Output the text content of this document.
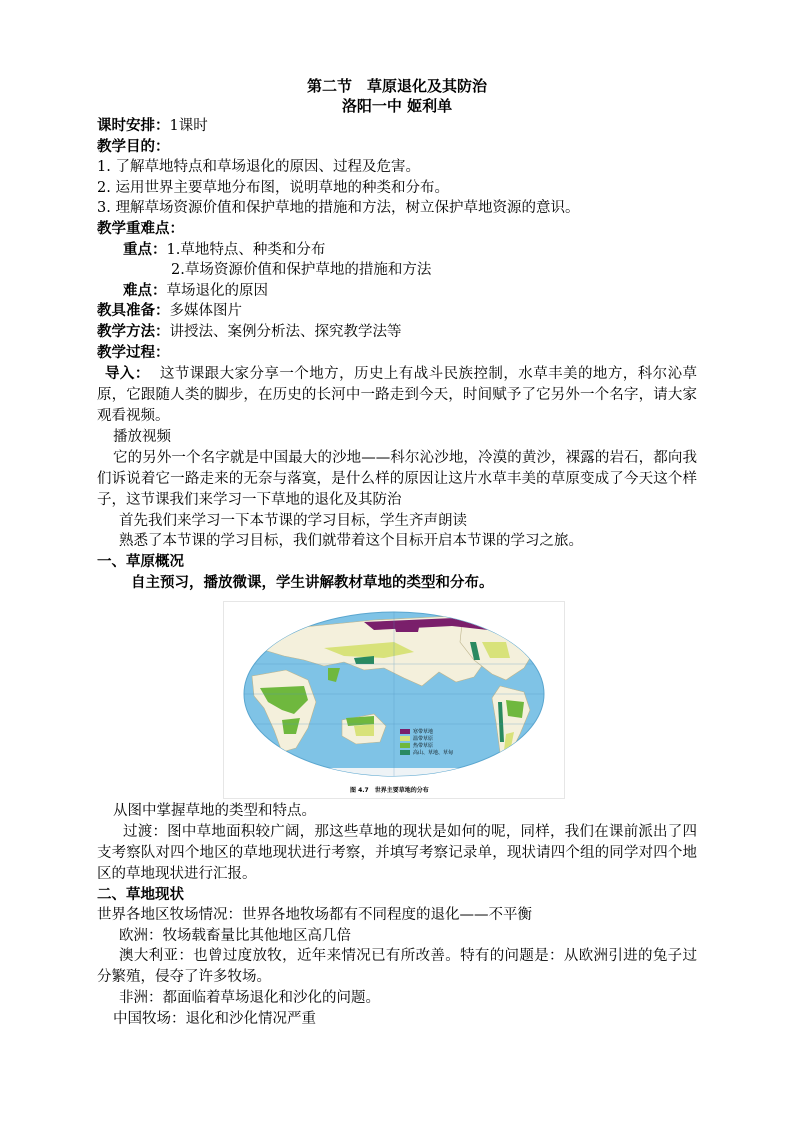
第二节　草原退化及其防治
洛阳一中 姬利单
课时安排：1课时
教学目的：
1. 了解草地特点和草场退化的原因、过程及危害。
2. 运用世界主要草地分布图，说明草地的种类和分布。
3. 理解草场资源价值和保护草地的措施和方法，树立保护草地资源的意识。
教学重难点：
重点：1.草地特点、种类和分布
2.草场资源价值和保护草地的措施和方法
难点：草场退化的原因
教具准备：多媒体图片
教学方法：讲授法、案例分析法、探究教学法等
教学过程：
导入： 这节课跟大家分享一个地方，历史上有战斗民族控制，水草丰美的地方，科尔沁草原，它跟随人类的脚步，在历史的长河中一路走到今天，时间赋予了它另外一个名字，请大家观看视频。
播放视频
它的另外一个名字就是中国最大的沙地——科尔沁沙地，冷漠的黄沙，裸露的岩石，都向我们诉说着它一路走来的无奈与落寞，是什么样的原因让这片水草丰美的草原变成了今天这个样子，这节课我们来学习一下草地的退化及其防治
首先我们来学习一下本节课的学习目标，学生齐声朗读
熟悉了本节课的学习目标，我们就带着这个目标开启本节课的学习之旅。
一、草原概况
自主预习，播放微课，学生讲解教材草地的类型和分布。
寒带草地
温带草原
热带草原
高山、草地、草甸
图 4.7　世界主要草地的分布
从图中掌握草地的类型和特点。
过渡：图中草地面积较广阔，那这些草地的现状是如何的呢，同样，我们在课前派出了四支考察队对四个地区的草地现状进行考察，并填写考察记录单，现状请四个组的同学对四个地区的草地现状进行汇报。
二、草地现状
世界各地区牧场情况：世界各地牧场都有不同程度的退化——不平衡
欧洲：牧场载畜量比其他地区高几倍
澳大利亚：也曾过度放牧，近年来情况已有所改善。特有的问题是：从欧洲引进的兔子过分繁殖，侵夺了许多牧场。
非洲：都面临着草场退化和沙化的问题。
中国牧场：退化和沙化情况严重
